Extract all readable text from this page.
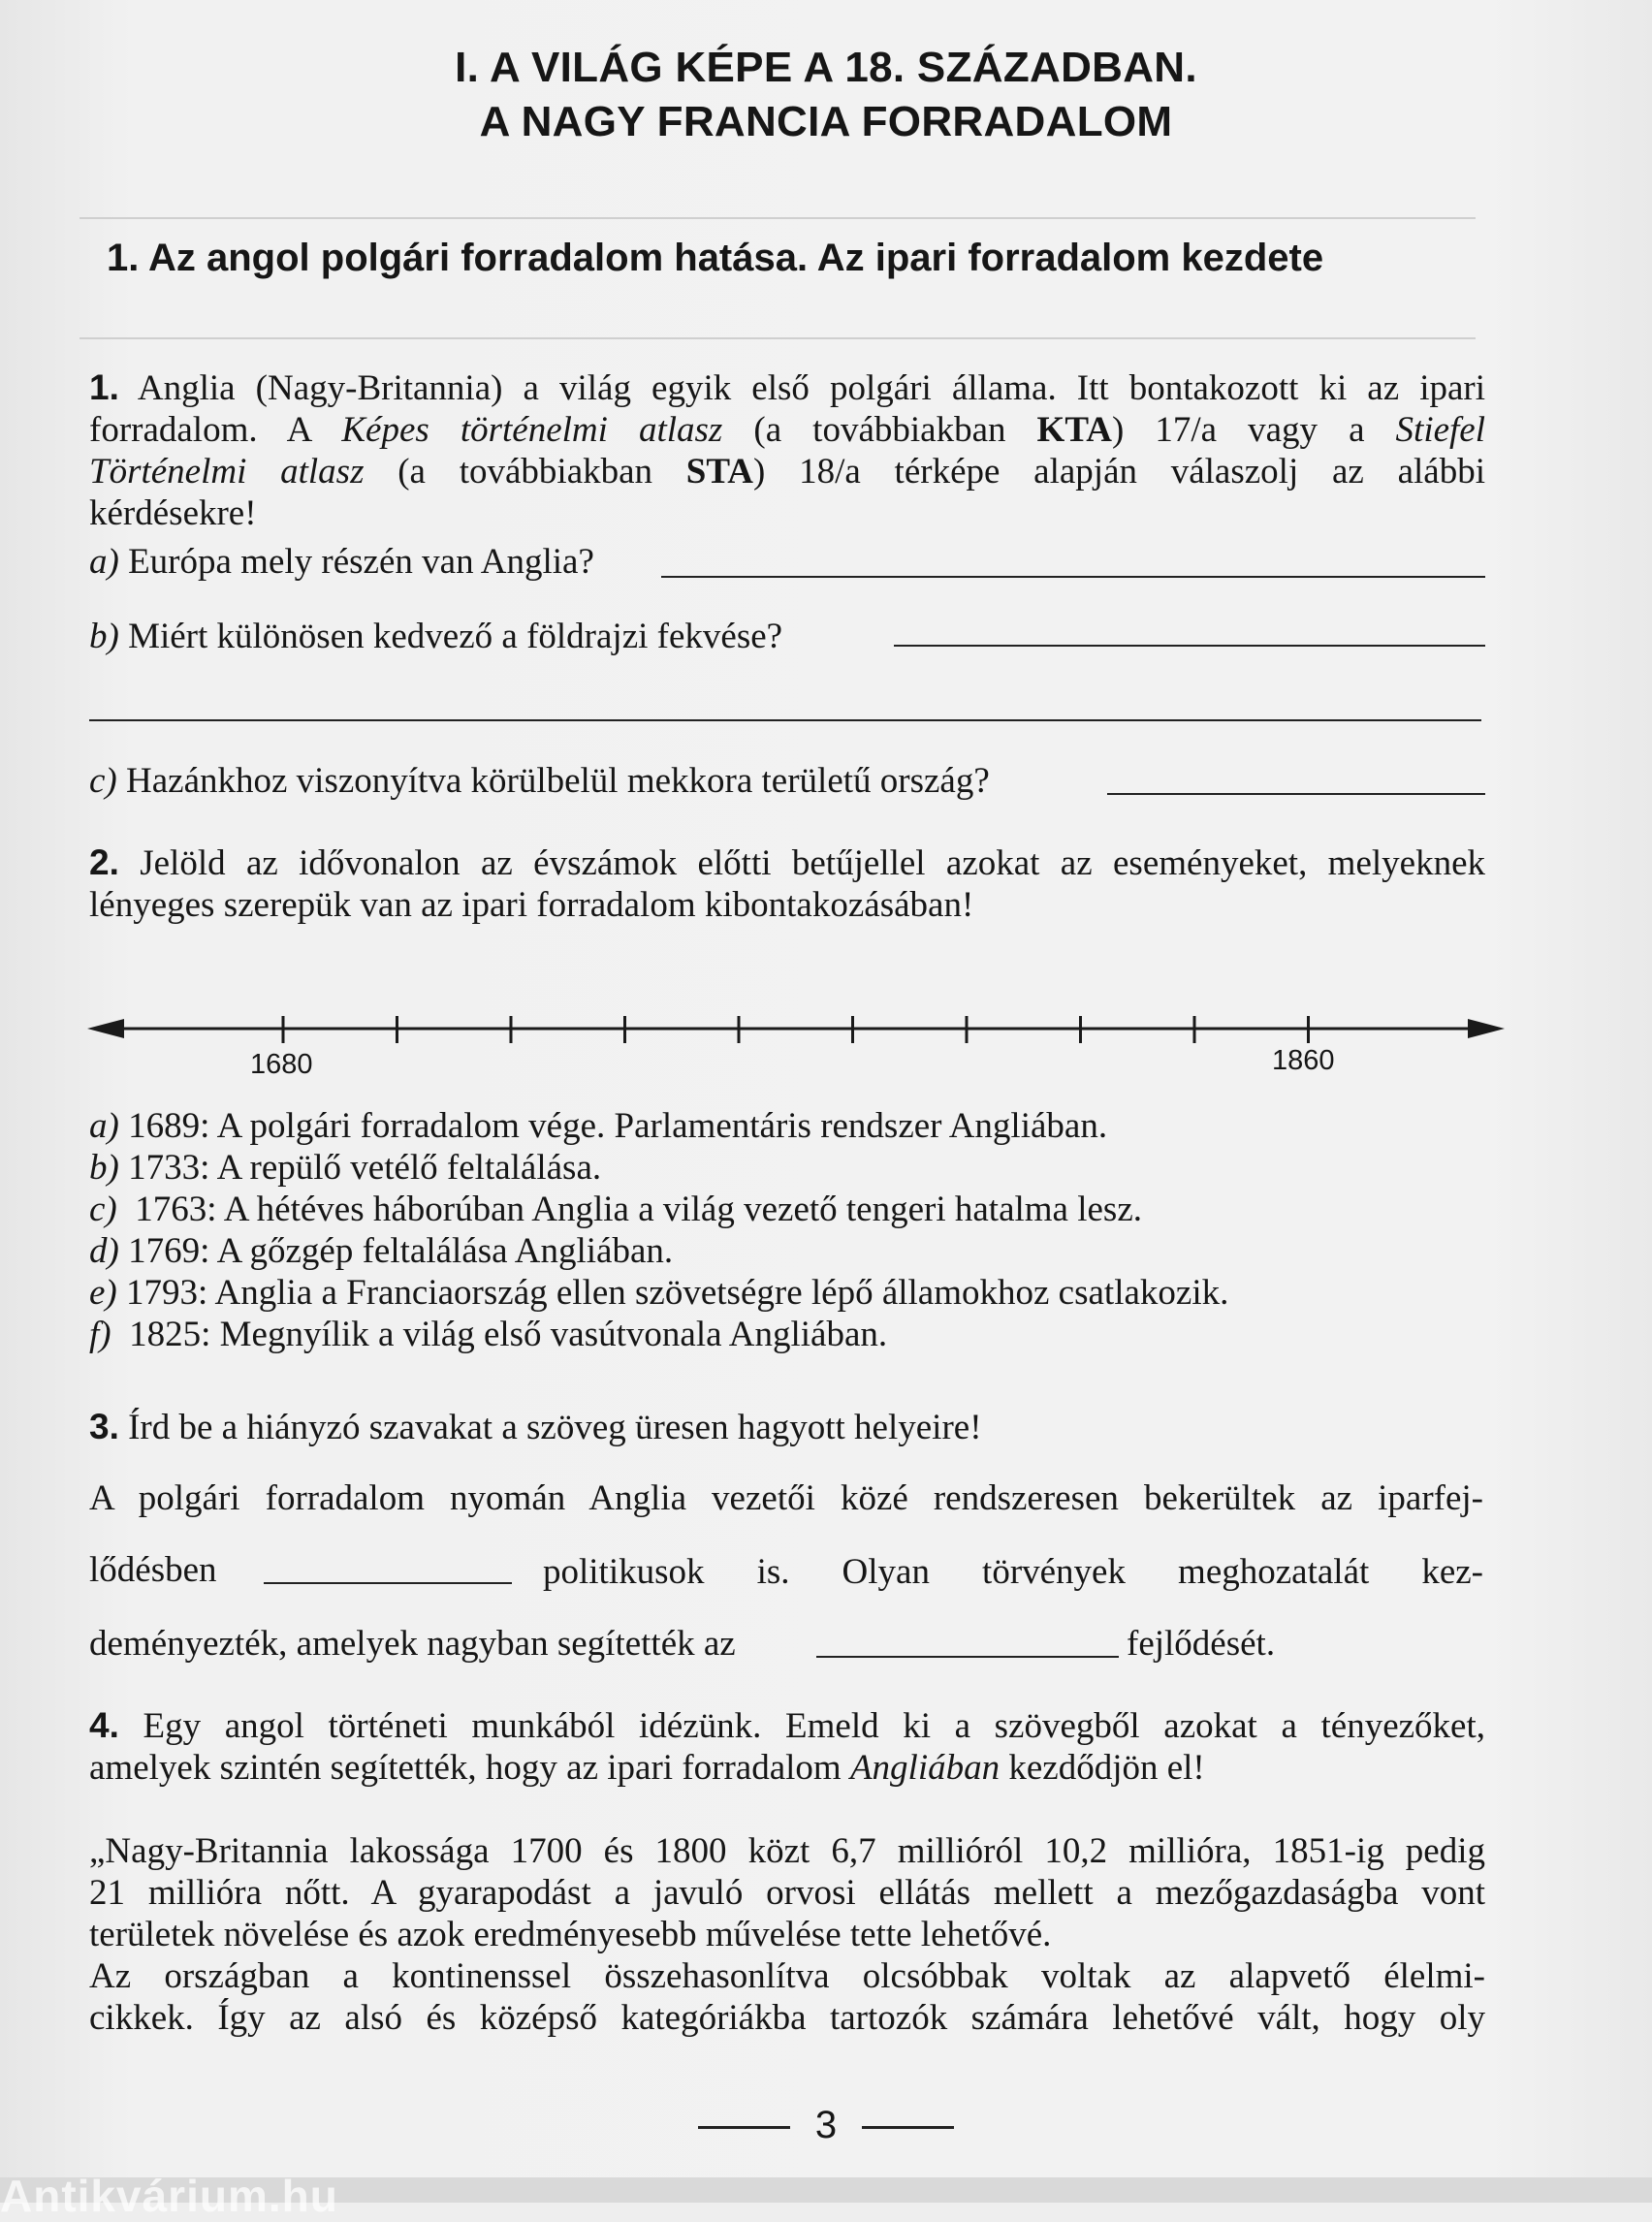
I. A VILÁG KÉPE A 18. SZÁZADBAN.
A NAGY FRANCIA FORRADALOM
1. Az angol polgári forradalom hatása. Az ipari forradalom kezdete
1. Anglia (Nagy-Britannia) a világ egyik első polgári állama. Itt bontakozott ki az ipari
forradalom. A Képes történelmi atlasz (a továbbiakban KTA) 17/a vagy a Stiefel
Történelmi atlasz (a továbbiakban STA) 18/a térképe alapján válaszolj az alábbi
kérdésekre!
a) Európa mely részén van Anglia?
b) Miért különösen kedvező a földrajzi fekvése?
c) Hazánkhoz viszonyítva körülbelül mekkora területű ország?
2. Jelöld az idővonalon az évszámok előtti betűjellel azokat az eseményeket, melyeknek
lényeges szerepük van az ipari forradalom kibontakozásában!
1680	1860
a) 1689: A polgári forradalom vége. Parlamentáris rendszer Angliában.
b) 1733: A repülő vetélő feltalálása.
c)  1763: A hétéves háborúban Anglia a világ vezető tengeri hatalma lesz.
d) 1769: A gőzgép feltalálása Angliában.
e) 1793: Anglia a Franciaország ellen szövetségre lépő államokhoz csatlakozik.
f)  1825: Megnyílik a világ első vasútvonala Angliában.
3. Írd be a hiányzó szavakat a szöveg üresen hagyott helyeire!
A polgári forradalom nyomán Anglia vezetői közé rendszeresen bekerültek az iparfej-
lődésben	politikusok is. Olyan törvények meghozatalát kez-
deményezték, amelyek nagyban segítették az	fejlődését.
4. Egy angol történeti munkából idézünk. Emeld ki a szövegből azokat a tényezőket,
amelyek szintén segítették, hogy az ipari forradalom Angliában kezdődjön el!
„Nagy-Britannia lakossága 1700 és 1800 közt 6,7 millióról 10,2 millióra, 1851-ig pedig
21 millióra nőtt. A gyarapodást a javuló orvosi ellátás mellett a mezőgazdaságba vont
területek növelése és azok eredményesebb művelése tette lehetővé.
Az országban a kontinenssel összehasonlítva olcsóbbak voltak az alapvető élelmi-
cikkek. Így az alsó és középső kategóriákba tartozók számára lehetővé vált, hogy oly
3
Antikvárium.hu
